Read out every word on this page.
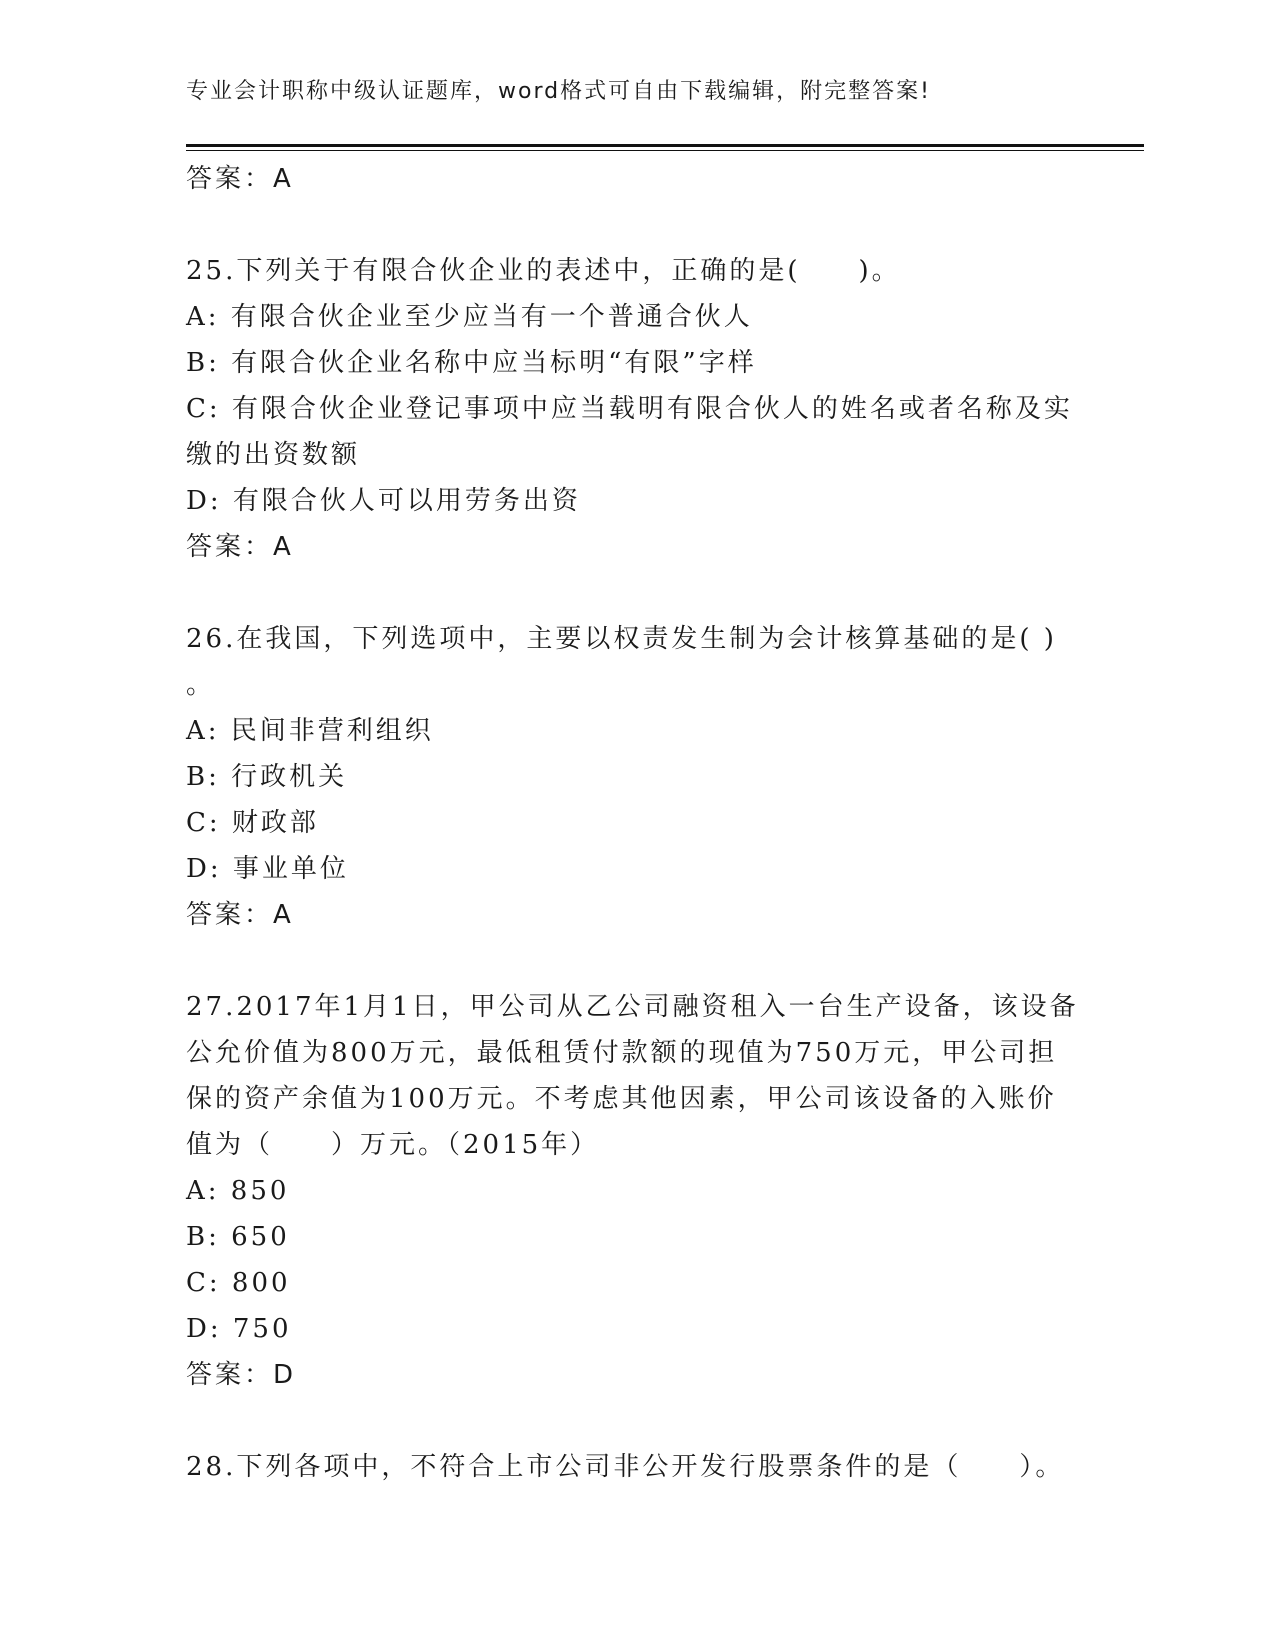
专业会计职称中级认证题库，word格式可自由下载编辑，附完整答案!
答案：A
25.下列关于有限合伙企业的表述中，正确的是(　　)。
A: 有限合伙企业至少应当有一个普通合伙人
B: 有限合伙企业名称中应当标明“有限”字样
C: 有限合伙企业登记事项中应当载明有限合伙人的姓名或者名称及实
缴的出资数额
D: 有限合伙人可以用劳务出资
答案：A
26.在我国，下列选项中，主要以权责发生制为会计核算基础的是( )
。
A: 民间非营利组织
B: 行政机关
C: 财政部
D: 事业单位
答案：A
27.2017年1月1日，甲公司从乙公司融资租入一台生产设备，该设备
公允价值为800万元，最低租赁付款额的现值为750万元，甲公司担
保的资产余值为100万元。不考虑其他因素，甲公司该设备的入账价
值为（　　）万元。（2015年）
A: 850
B: 650
C: 800
D: 750
答案：D
28.下列各项中，不符合上市公司非公开发行股票条件的是（　　）。
